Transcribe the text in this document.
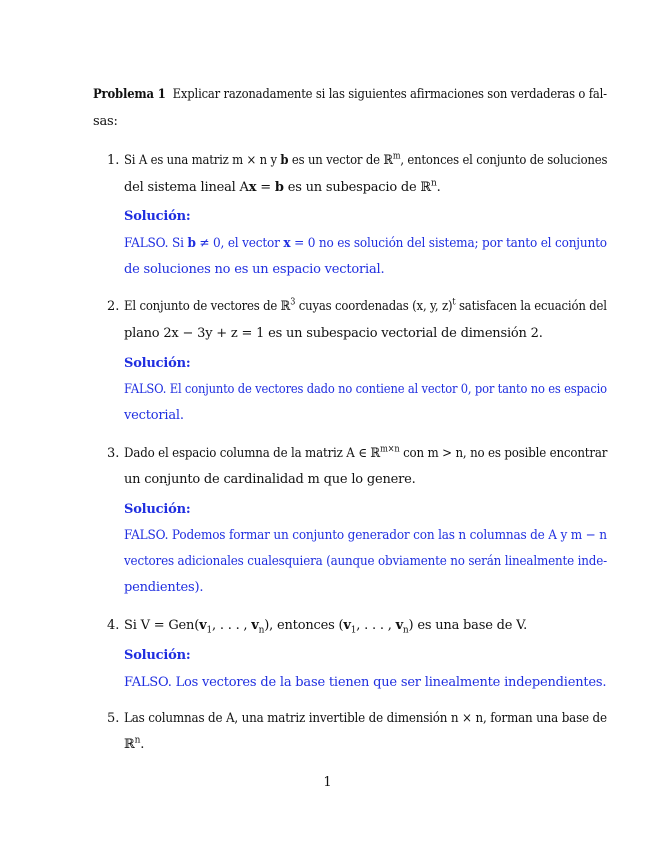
Problema 1 Explicar razonadamente si las siguientes afirmaciones son verdaderas o fal-
sas:
1. Si A es una matriz m × n y b es un vector de ℝ$^m$, entonces el conjunto de soluciones
del sistema lineal Ax = b es un subespacio de ℝ$^n$.
Solución:
FALSO. Si b ≠ 0, el vector x = 0 no es solución del sistema; por tanto el conjunto
de soluciones no es un espacio vectorial.
2. El conjunto de vectores de ℝ$^3$ cuyas coordenadas (x, y, z)$^t$ satisfacen la ecuación del
plano 2x − 3y + z = 1 es un subespacio vectorial de dimensión 2.
Solución:
FALSO. El conjunto de vectores dado no contiene al vector 0, por tanto no es espacio
vectorial.
3. Dado el espacio columna de la matriz A ∈ ℝ$^{m\times n}$ con m > n, no es posible encontrar
un conjunto de cardinalidad m que lo genere.
Solución:
FALSO. Podemos formar un conjunto generador con las n columnas de A y m − n
vectores adicionales cualesquiera (aunque obviamente no serán linealmente inde-
pendientes).
4. Si $V = Gen(v_1$, . . . , $v_n$), entonces ($v_1$, . . . , $v_n$) es una base de V.
Solución:
FALSO. Los vectores de la base tienen que ser linealmente independientes.
5. Las columnas de A, una matriz invertible de dimensión n × n, forman una base de
ℝ$^n$.
1
